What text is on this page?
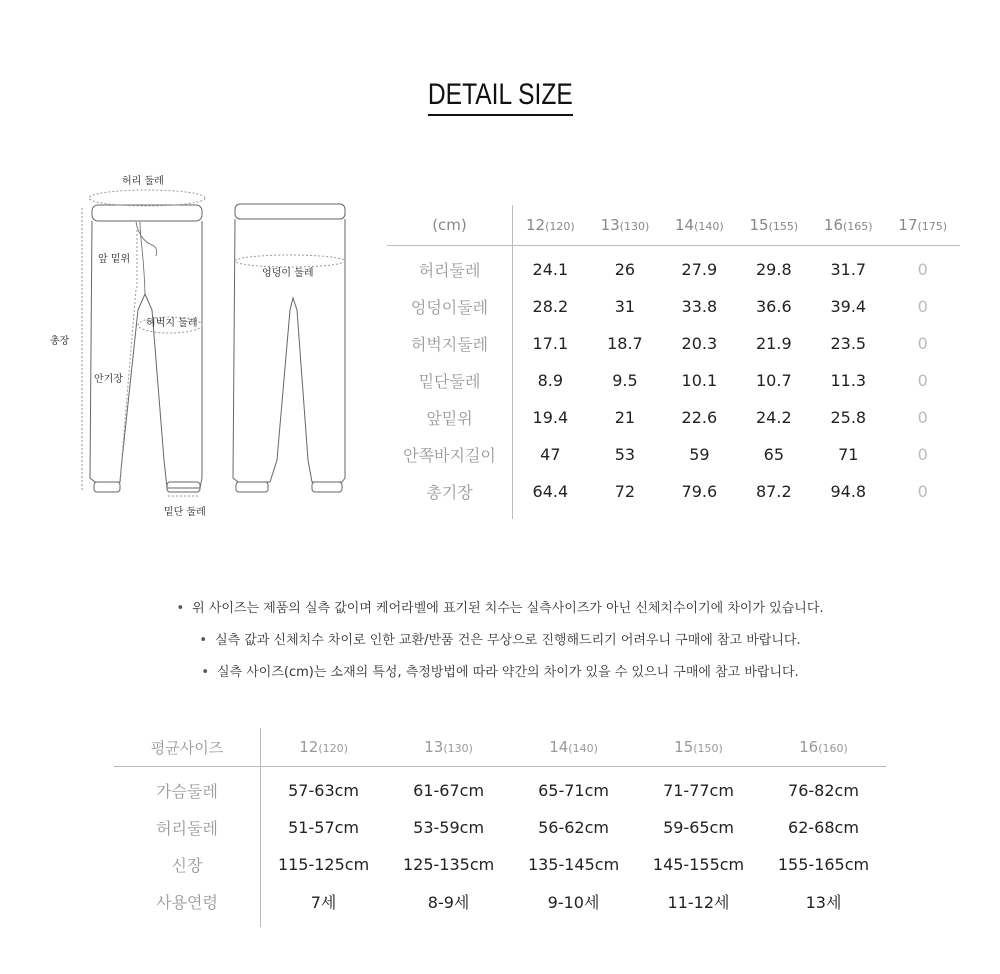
DETAIL SIZE
허리 둘레
앞 밑위
총장
허벅지 둘레
안기장
밑단 둘레
엉덩이 둘레
(cm)	12(120)	13(130)	14(140)	15(155)	16(165)	17(175)
허리둘레	24.1	26	27.9	29.8	31.7	0
엉덩이둘레	28.2	31	33.8	36.6	39.4	0
허벅지둘레	17.1	18.7	20.3	21.9	23.5	0
밑단둘레	8.9	9.5	10.1	10.7	11.3	0
앞밑위	19.4	21	22.6	24.2	25.8	0
안쪽바지길이	47	53	59	65	71	0
총기장	64.4	72	79.6	87.2	94.8	0
• 위 사이즈는 제품의 실측 값이며 케어라벨에 표기된 치수는 실측사이즈가 아닌 신체치수이기에 차이가 있습니다.
• 실측 값과 신체치수 차이로 인한 교환/반품 건은 무상으로 진행해드리기 어려우니 구매에 참고 바랍니다.
• 실측 사이즈(cm)는 소재의 특성, 측정방법에 따라 약간의 차이가 있을 수 있으니 구매에 참고 바랍니다.
평균사이즈	12(120)	13(130)	14(140)	15(150)	16(160)
가슴둘레	57-63cm	61-67cm	65-71cm	71-77cm	76-82cm
허리둘레	51-57cm	53-59cm	56-62cm	59-65cm	62-68cm
신장	115-125cm	125-135cm	135-145cm	145-155cm	155-165cm
사용연령	7세	8-9세	9-10세	11-12세	13세
